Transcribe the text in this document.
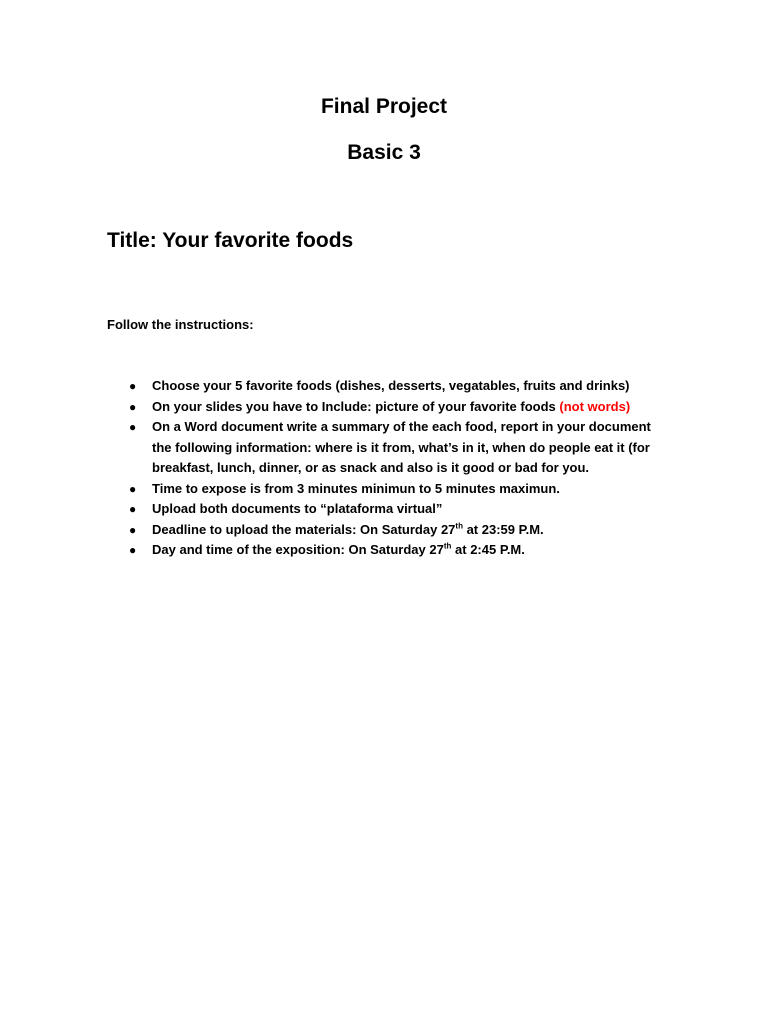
Final Project
Basic 3
Title: Your favorite foods

Follow the instructions:

● Choose your 5 favorite foods (dishes, desserts, vegatables, fruits and drinks)
● On your slides you have to Include: picture of your favorite foods (not words)
● On a Word document write a summary of the each food, report in your document the following information: where is it from, what’s in it, when do people eat it (for breakfast, lunch, dinner, or as snack and also is it good or bad for you.
● Time to expose is from 3 minutes minimun to 5 minutes maximun.
● Upload both documents to “plataforma virtual”
● Deadline to upload the materials: On Saturday 27th at 23:59 P.M.
● Day and time of the exposition: On Saturday 27th at 2:45 P.M.
